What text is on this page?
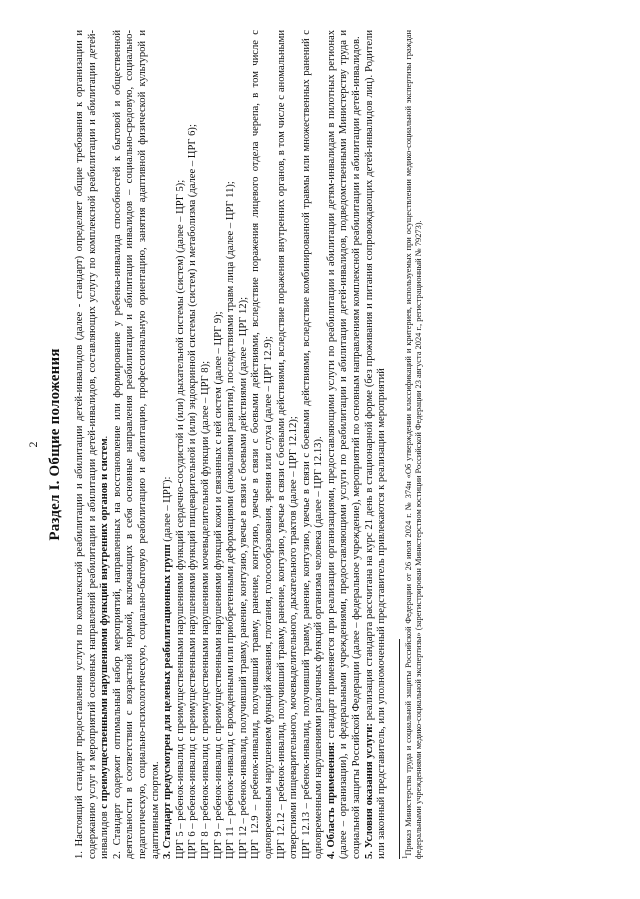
2 Раздел I. Общие положения 1. Настоящий стандарт предоставления услуги по комплексной реабилитации и абилитации детей-инвалидов (далее - стандарт) определяет общие требования к организации и содержанию услуг и мероприятий основных направлений реабилитации и абилитации детей-инвалидов, составляющих услугу по комплексной реабилитации и абилитации детей-инвалидов с преимущественными нарушениями функций внутренних органов и систем. 2. Стандарт содержит оптимальный набор мероприятий, направленных на восстановление или формирование у ребенка-инвалида способностей к бытовой и общественной деятельности в соответствии с возрастной нормой, включающих в себя основные направления реабилитации и абилитации инвалидов – социально-средовую, социально-педагогическую, социально-психологическую, социально-бытовую реабилитацию и абилитацию, профессиональную ориентацию, занятия адаптивной физической культурой и адаптивным спортом. 3. Стандарт предусмотрен для целевых реабилитационных групп (далее – ЦРГ): ЦРГ 5 – ребенок-инвалид с преимущественными нарушениями функций сердечно-сосудистой и (или) дыхательной системы (систем) (далее – ЦРГ 5); ЦРГ 6 – ребенок-инвалид с преимущественными нарушениями функций пищеварительной и (или) эндокринной системы (систем) и метаболизма (далее – ЦРГ 6); ЦРГ 8 – ребенок-инвалид с преимущественными нарушениями мочевыделительной функции (далее – ЦРГ 8); ЦРГ 9 – ребенок-инвалид с преимущественными нарушениями функций кожи и связанных с ней систем (далее – ЦРГ 9); ЦРГ 11 – ребенок-инвалид с врожденными или приобретенными деформациями (аномалиями развития), последствиями травм лица (далее – ЦРГ 11); ЦРГ 12 – ребенок-инвалид, получивший травму, ранение, контузию, увечье в связи с боевыми действиями (далее – ЦРГ 12); ЦРГ 12.9 – ребенок-инвалид, получивший травму, ранение, контузию, увечье в связи с боевыми действиями, вследствие поражения лицевого отдела черепа, в том числе с одновременным нарушением функций жевания, глотания, голосообразования, зрения или слуха (далее – ЦРГ 12.9); ЦРГ 12.12 – ребенок-инвалид, получивший травму, ранение, контузию, увечье в связи с боевыми действиями, вследствие поражения внутренних органов, в том числе с аномальными отверстиями пищеварительного, мочевыделительного, дыхательного трактов (далее – ЦРГ 12.12); ЦРГ 12.13 – ребенок-инвалид, получивший травму, ранение, контузию, увечье в связи с боевыми действиями, вследствие комбинированной травмы или множественных ранений с одновременными нарушениями различных функций организма человека (далее – ЦРГ 12.13). 4. Область применения: стандарт применяется при реализации организациями, предоставляющими услуги по реабилитации и абилитации детям-инвалидам в пилотных регионах (далее – организации), и федеральными учреждениями, предоставляющими услуги по реабилитации и абилитации детей-инвалидов, подведомственными Министерству труда и социальной защиты Российской Федерации (далее – федеральное учреждение), мероприятий по основным направлениям комплексной реабилитации и абилитации детей-инвалидов. 5. Условия оказания услуги: реализация стандарта рассчитана на курс 21 день в стационарной форме (без проживания и питания сопровождающих детей-инвалидов лиц). Родители или законный представитель, или уполномоченный представитель привлекаются к реализации мероприятий $^1$Приказ Министерства труда и социальной защиты Российской Федерации от 26 июля 2024 г. № 374н «Об утверждении классификаций и критериев, используемых при осуществлении медико-социальной экспертизы граждан федеральными учреждениями медико-социальной экспертизы» (зарегистрирован Министерством юстиции Российской Федерации 23 августа 2024 г., регистрационный № 79273).
